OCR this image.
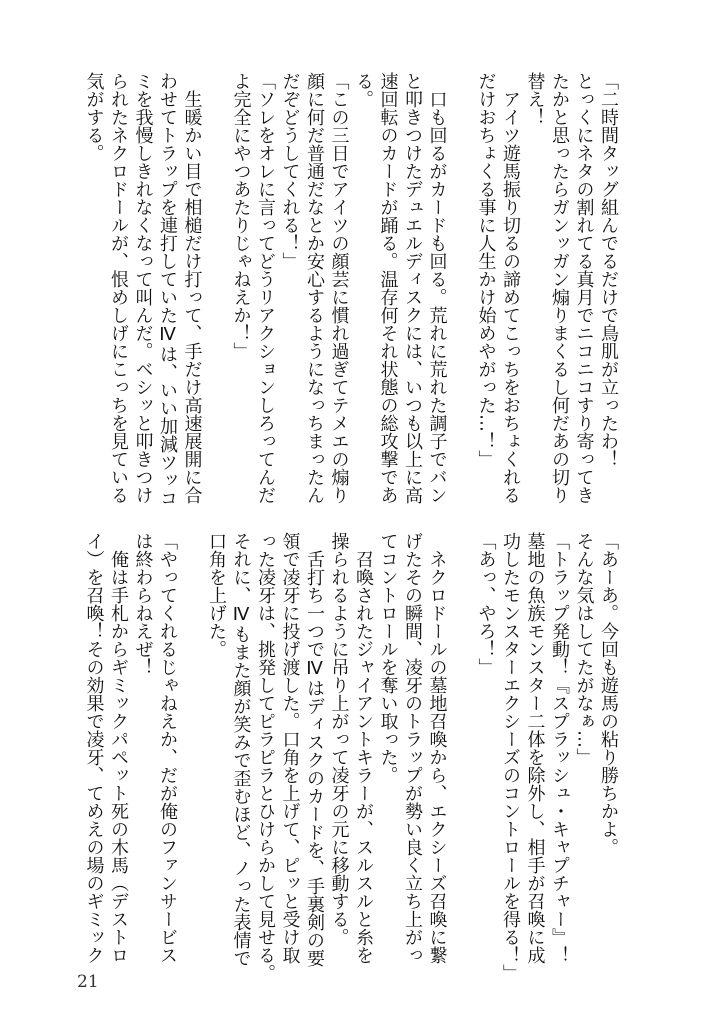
「二時間タッグ組んでるだけで鳥肌が立ったわ！
とっくにネタの割れてる真月でニコニコすり寄ってき
たかと思ったらガンッガン煽りまくるし何だあの切り
替え！
　アイツ遊馬振り切るの諦めてこっちをおちょくれる
だけおちょくる事に人生かけ始めやがった…！」
　口も回るがカードも回る。荒れに荒れた調子でバン
と叩きつけたデュエルディスクには、いつも以上に高
速回転のカードが踊る。温存何それ状態の総攻撃であ
る。
「この三日でアイツの顔芸に慣れ過ぎてテメエの煽り
顔に何だ普通だなとか安心するようになっちまったん
だぞどうしてくれる！」
「ソレをオレに言ってどうリアクションしろってんだ
よ完全にやつあたりじゃねえか！」
　生暖かい目で相槌だけ打って、手だけ高速展開に合
わせてトラップを連打していたⅣは、いい加減ツッコ
ミを我慢しきれなくなって叫んだ。ベシッと叩きつけ
られたネクロドールが、恨めしげにこっちを見ている
気がする。
「あーあ。今回も遊馬の粘り勝ちかよ。
そんな気はしてたがなぁ…」
「トラップ発動！『スプラッシュ・キャプチャー』！
墓地の魚族モンスター二体を除外し、相手が召喚に成
功したモンスターエクシーズのコントロールを得る！」
「あっ、やろ！」
　ネクロドールの墓地召喚から、エクシーズ召喚に繋
げたその瞬間、凌牙のトラップが勢い良く立ち上がっ
てコントロールを奪い取った。
　召喚されたジャイアントキラーが、スルスルと糸を
操られるように吊り上がって凌牙の元に移動する。
　舌打ち一つでⅣはディスクのカードを、手裏剣の要
領で凌牙に投げ渡した。口角を上げて、ピッと受け取
った凌牙は、挑発してピラピラとひけらかして見せる。
それに、Ⅳもまた顔が笑みで歪むほど、ノった表情で
口角を上げた。
「やってくれるじゃねえか、だが俺のファンサービス
は終わらねえぜ！
　俺は手札からギミックパペット死の木馬（デストロ
イ）を召喚！その効果で凌牙、てめえの場のギミック
21
